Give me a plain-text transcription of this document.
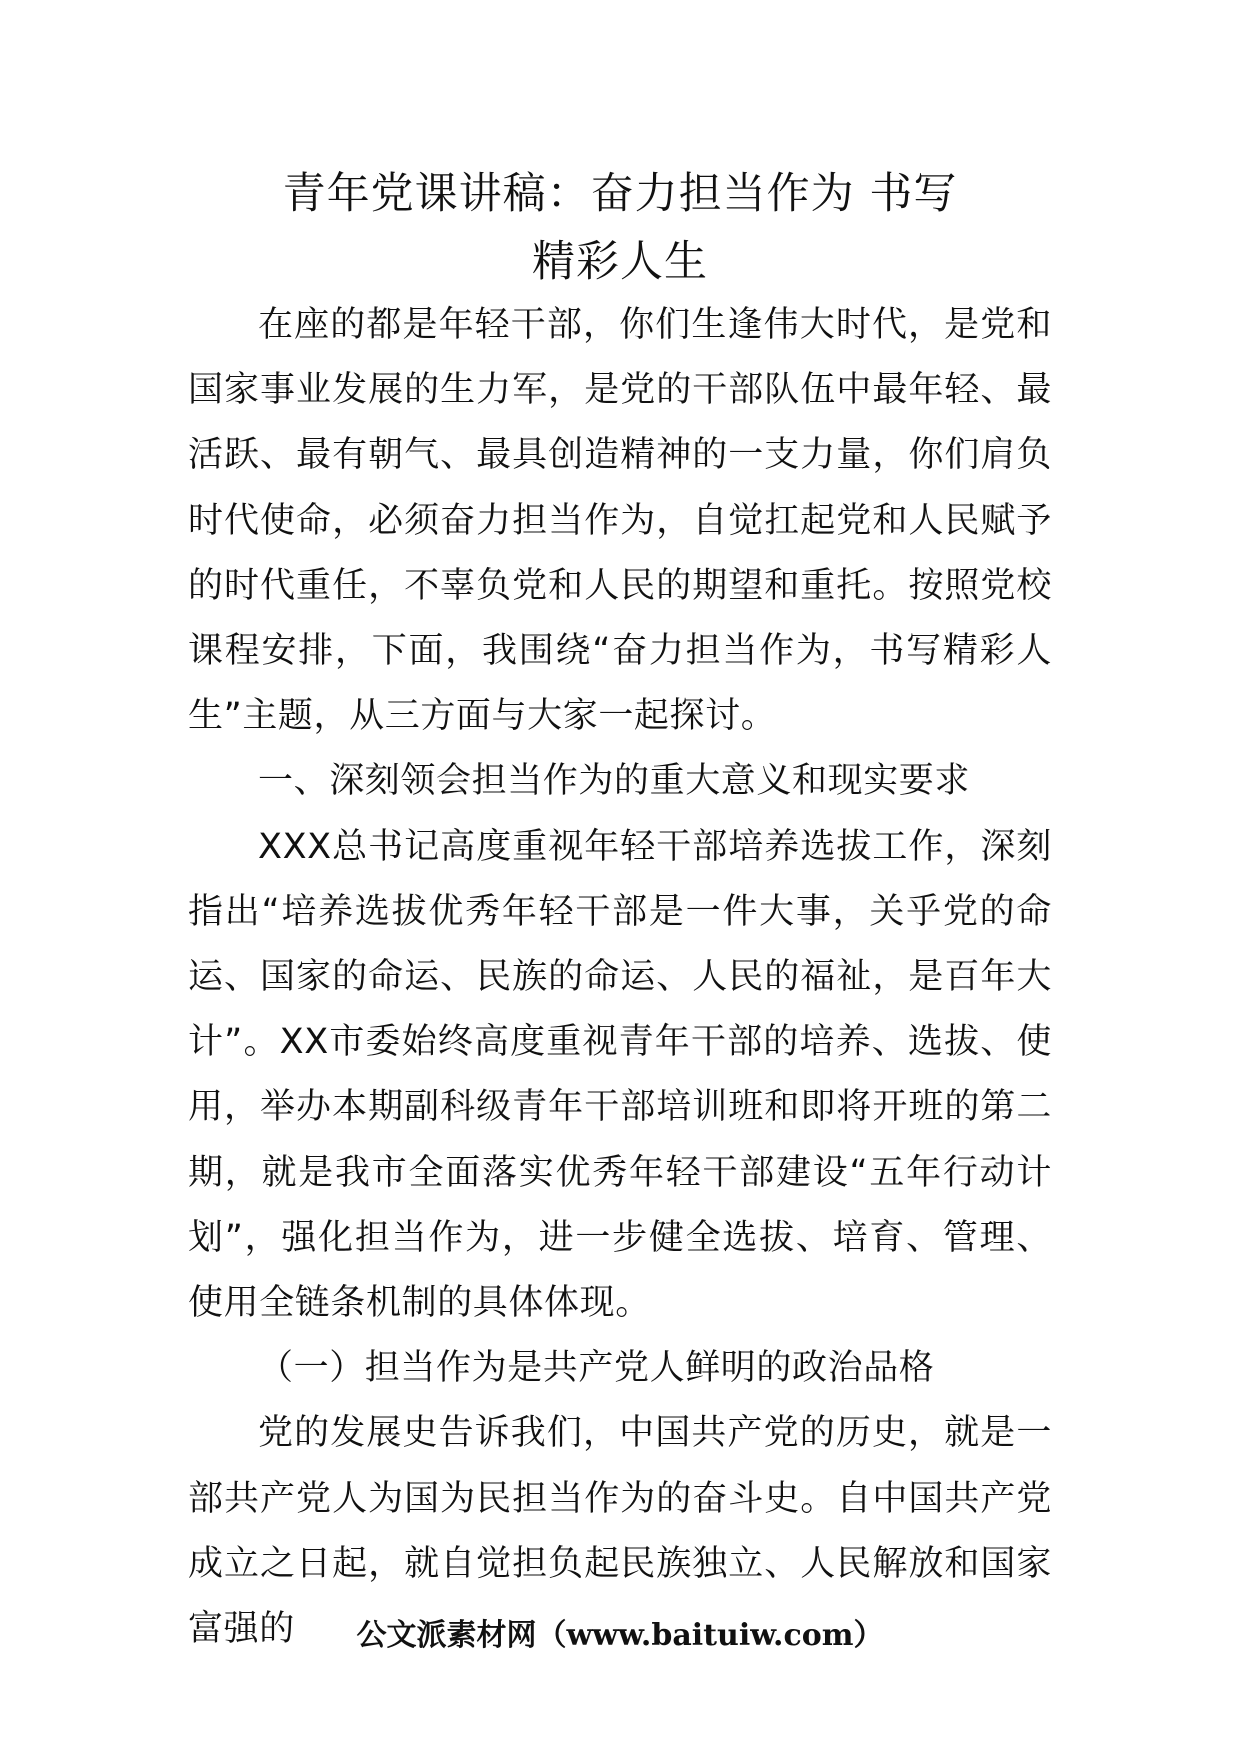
青年党课讲稿：奋力担当作为 书写
精彩人生

在座的都是年轻干部，你们生逢伟大时代，是党和国家事业发展的生力军，是党的干部队伍中最年轻、最活跃、最有朝气、最具创造精神的一支力量，你们肩负时代使命，必须奋力担当作为，自觉扛起党和人民赋予的时代重任，不辜负党和人民的期望和重托。按照党校课程安排，下面，我围绕“奋力担当作为，书写精彩人生”主题，从三方面与大家一起探讨。

一、深刻领会担当作为的重大意义和现实要求

XXX总书记高度重视年轻干部培养选拔工作，深刻指出“培养选拔优秀年轻干部是一件大事，关乎党的命运、国家的命运、民族的命运、人民的福祉，是百年大计”。XX市委始终高度重视青年干部的培养、选拔、使用，举办本期副科级青年干部培训班和即将开班的第二期，就是我市全面落实优秀年轻干部建设“五年行动计划”，强化担当作为，进一步健全选拔、培育、管理、使用全链条机制的具体体现。

（一）担当作为是共产党人鲜明的政治品格

党的发展史告诉我们，中国共产党的历史，就是一部共产党人为国为民担当作为的奋斗史。自中国共产党成立之日起，就自觉担负起民族独立、人民解放和国家富强的	公文派素材网（www.baituiw.com）
